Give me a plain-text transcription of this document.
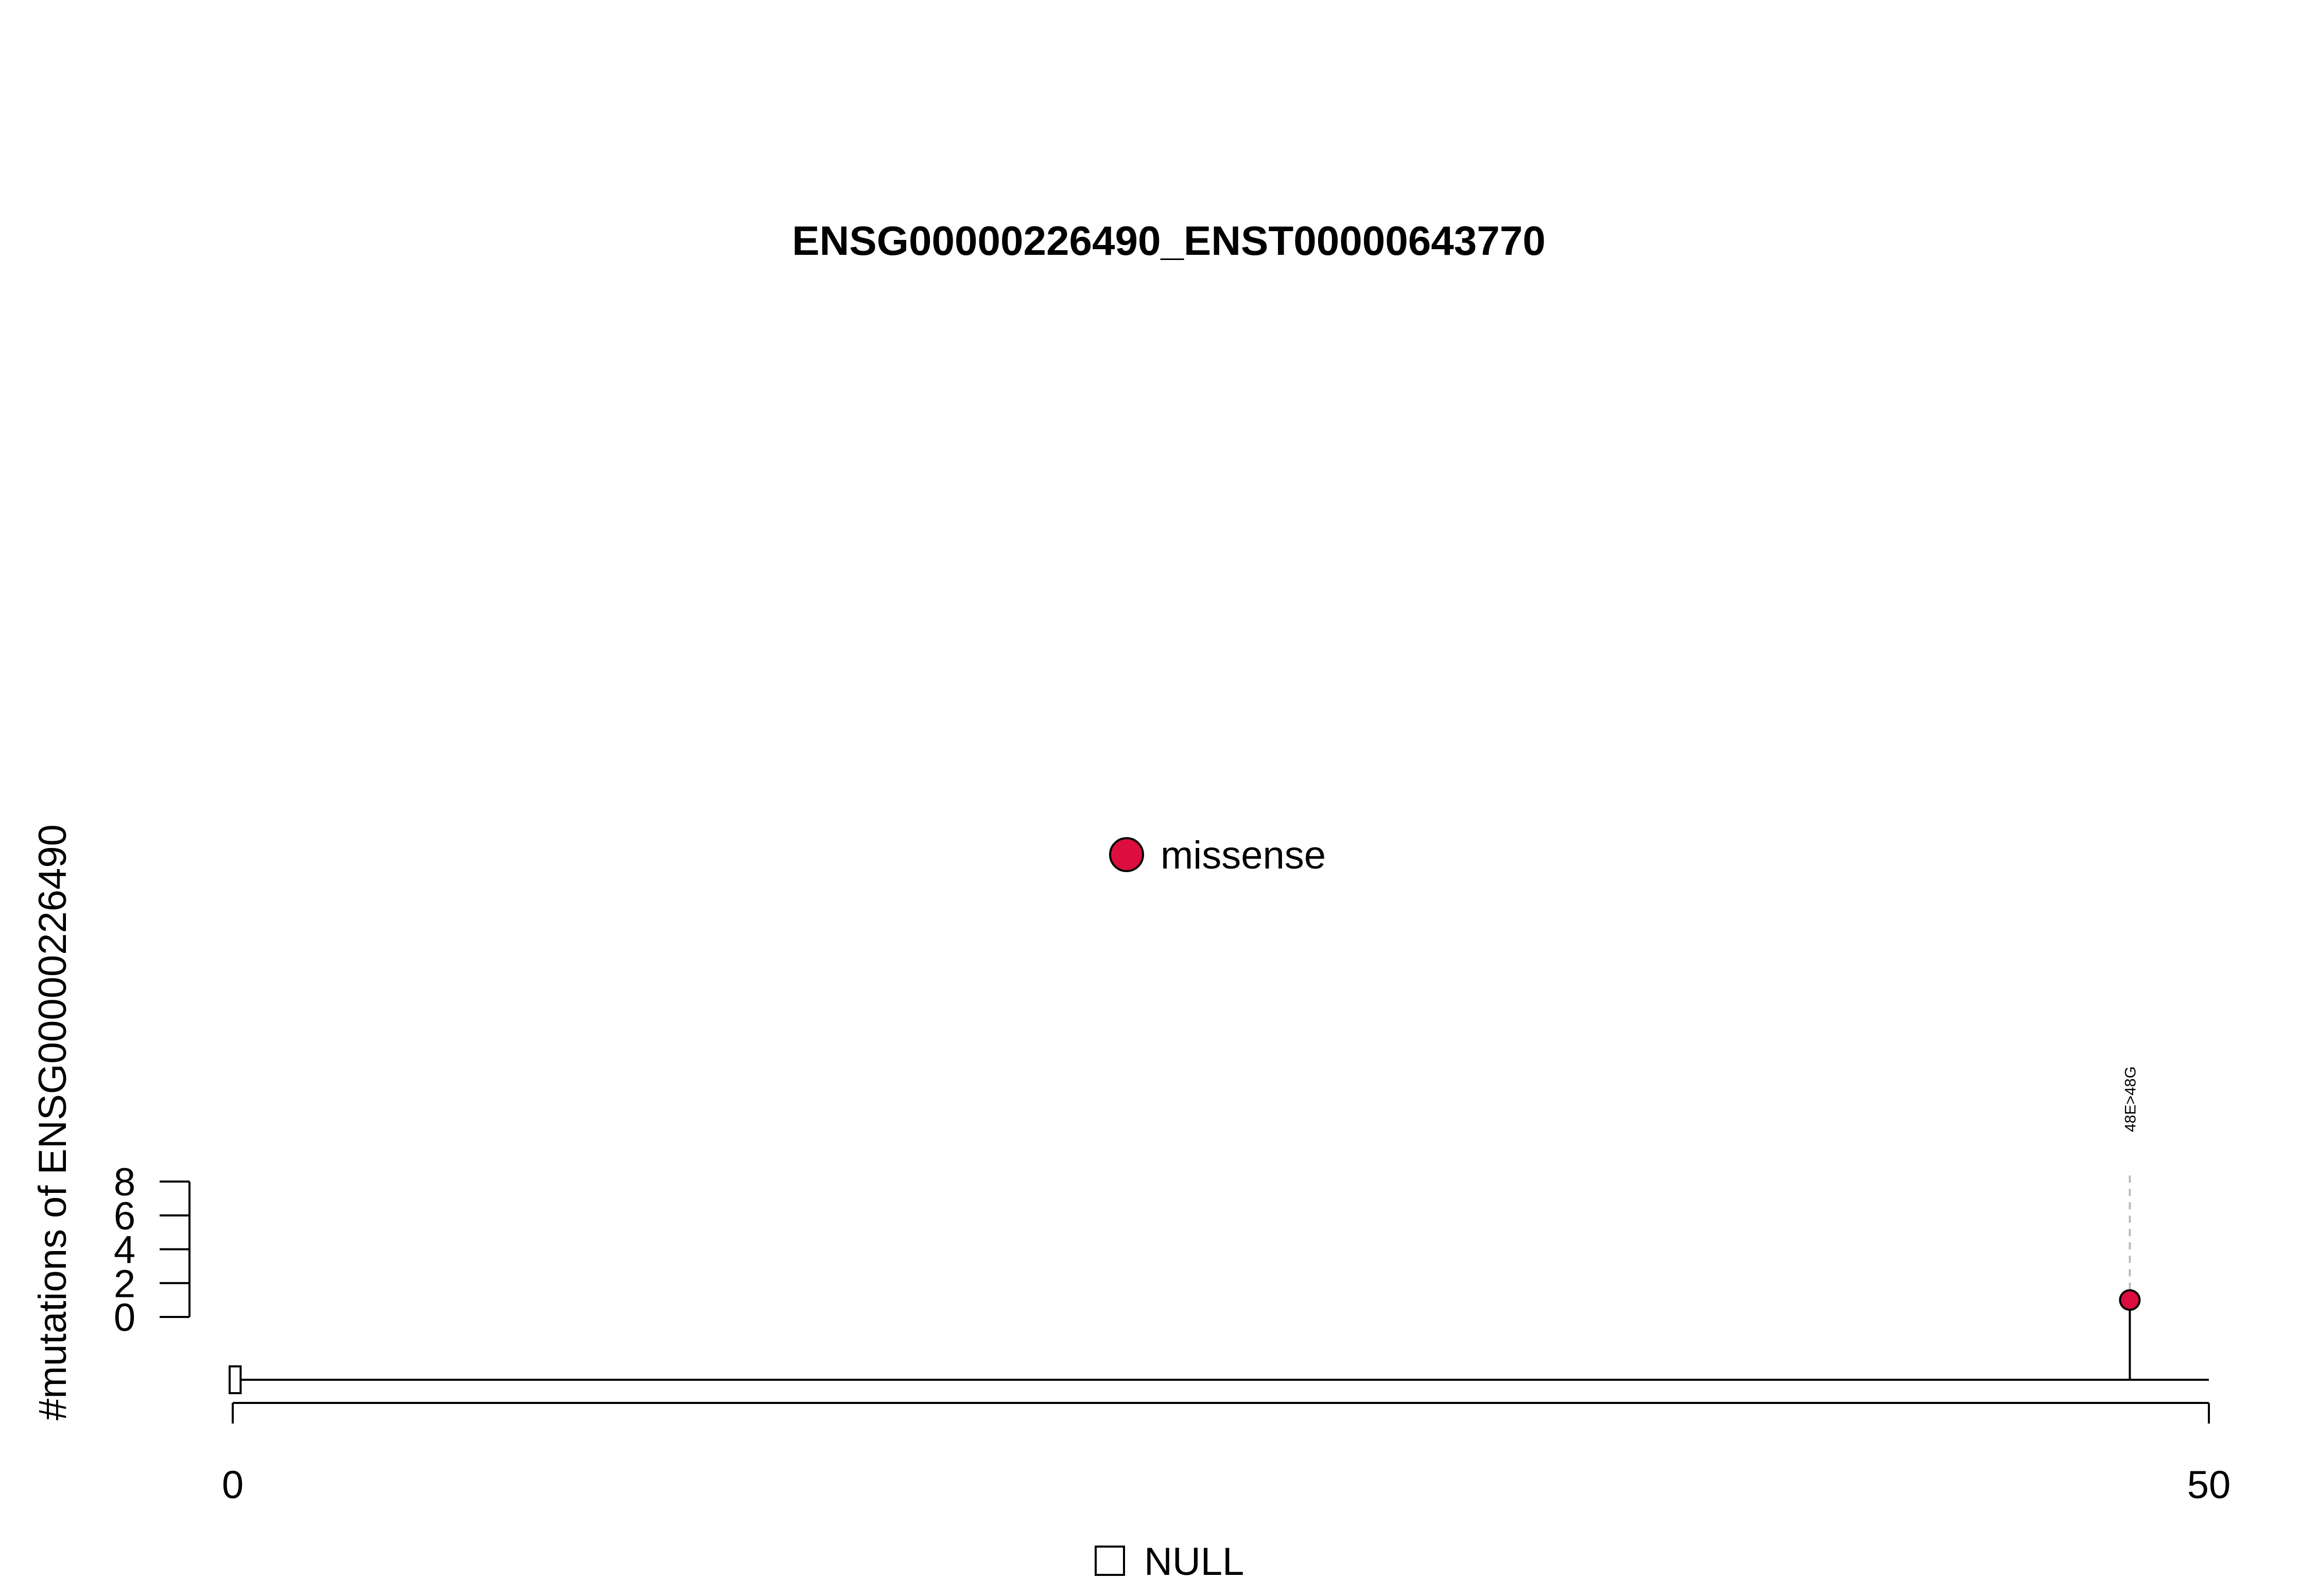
ENSG00000226490_ENST00000643770
#mutations of ENSG00000226490	missense
0
2
4
6
8
48E>48G
0	50
NULL
